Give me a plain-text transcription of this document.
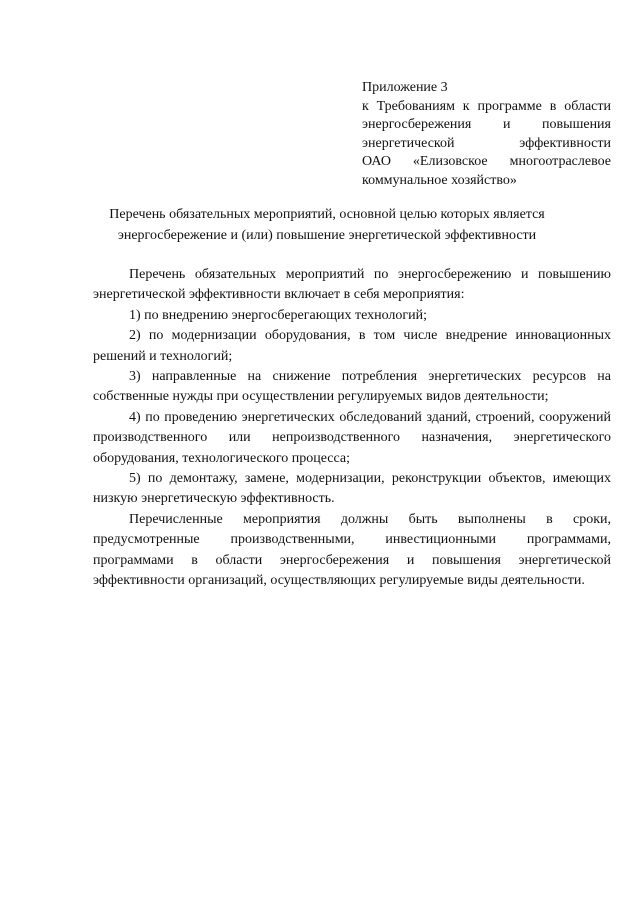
Приложение 3
к Требованиям к программе в области
энергосбережения и повышения
энергетической эффективности
ОАО «Елизовское многоотраслевое
коммунальное хозяйство»
Перечень обязательных мероприятий, основной целью которых является
энергосбережение и (или) повышение энергетической эффективности

Перечень обязательных мероприятий по энергосбережению и повышению энергетической эффективности включает в себя мероприятия:

1) по внедрению энергосберегающих технологий;

2) по модернизации оборудования, в том числе внедрение инновационных решений и технологий;

3) направленные на снижение потребления энергетических ресурсов на собственные нужды при осуществлении регулируемых видов деятельности;

4) по проведению энергетических обследований зданий, строений, сооружений производственного или непроизводственного назначения, энергетического оборудования, технологического процесса;

5) по демонтажу, замене, модернизации, реконструкции объектов, имеющих низкую энергетическую эффективность.

Перечисленные мероприятия должны быть выполнены в сроки, предусмотренные производственными, инвестиционными программами, программами в области энергосбережения и повышения энергетической эффективности организаций, осуществляющих регулируемые виды деятельности.
